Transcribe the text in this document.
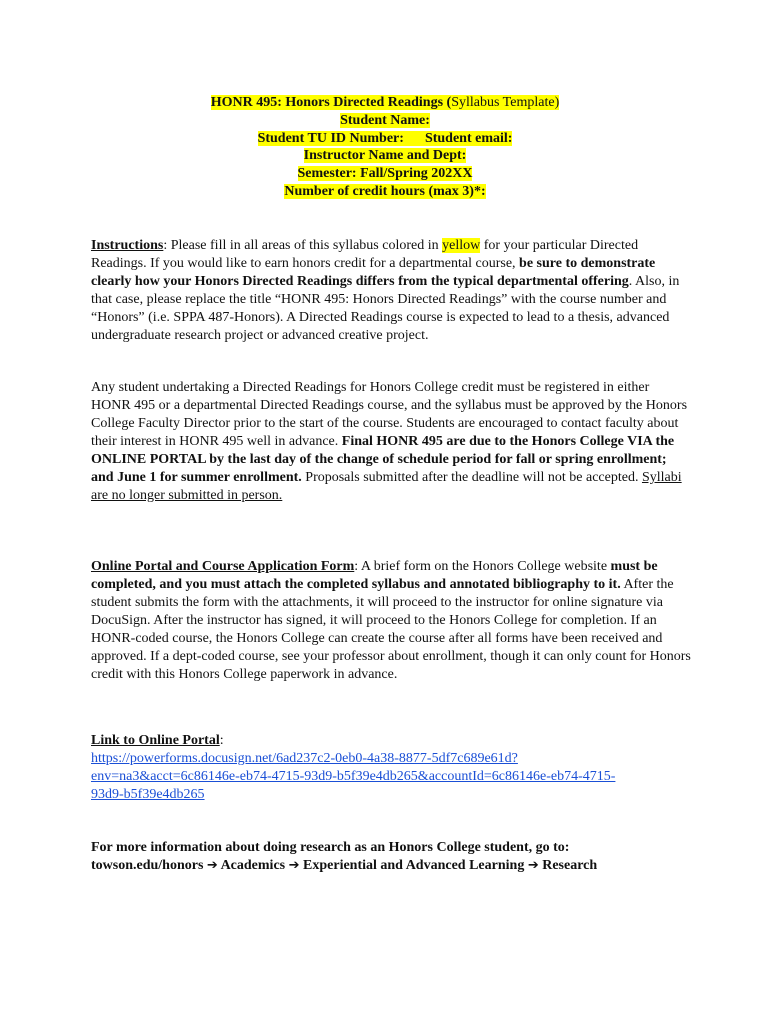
HONR 495: Honors Directed Readings (Syllabus Template)
Student Name:
Student TU ID Number: Student email:
Instructor Name and Dept:
Semester: Fall/Spring 202XX
Number of credit hours (max 3)*:
Instructions: Please fill in all areas of this syllabus colored in yellow for your particular Directed Readings. If you would like to earn honors credit for a departmental course, be sure to demonstrate clearly how your Honors Directed Readings differs from the typical departmental offering. Also, in that case, please replace the title “HONR 495: Honors Directed Readings” with the course number and “Honors” (i.e. SPPA 487-Honors). A Directed Readings course is expected to lead to a thesis, advanced undergraduate research project or advanced creative project.
Any student undertaking a Directed Readings for Honors College credit must be registered in either HONR 495 or a departmental Directed Readings course, and the syllabus must be approved by the Honors College Faculty Director prior to the start of the course. Students are encouraged to contact faculty about their interest in HONR 495 well in advance. Final HONR 495 are due to the Honors College VIA the ONLINE PORTAL by the last day of the change of schedule period for fall or spring enrollment; and June 1 for summer enrollment. Proposals submitted after the deadline will not be accepted. Syllabi are no longer submitted in person.
Online Portal and Course Application Form: A brief form on the Honors College website must be completed, and you must attach the completed syllabus and annotated bibliography to it. After the student submits the form with the attachments, it will proceed to the instructor for online signature via DocuSign. After the instructor has signed, it will proceed to the Honors College for completion. If an HONR-coded course, the Honors College can create the course after all forms have been received and approved. If a dept-coded course, see your professor about enrollment, though it can only count for Honors credit with this Honors College paperwork in advance.
Link to Online Portal:
https://powerforms.docusign.net/6ad237c2-0eb0-4a38-8877-5df7c689e61d?
env=na3&acct=6c86146e-eb74-4715-93d9-b5f39e4db265&accountId=6c86146e-eb74-4715-
93d9-b5f39e4db265
For more information about doing research as an Honors College student, go to:
towson.edu/honors ➔ Academics ➔ Experiential and Advanced Learning ➔ Research
